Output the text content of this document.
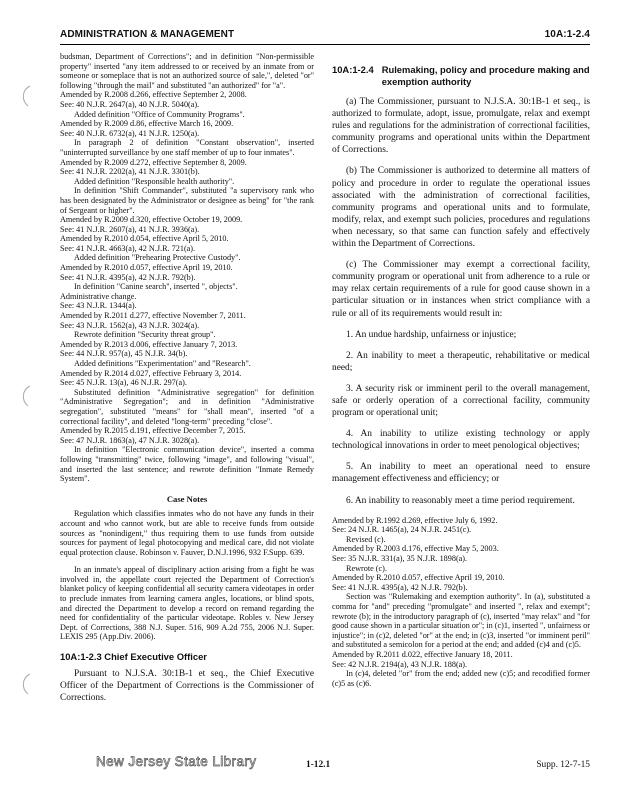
ADMINISTRATION & MANAGEMENT	10A:1-2.4

budsman, Department of Corrections"; and in definition "Non-permissible property" inserted "any item addressed to or received by an inmate from or someone or someplace that is not an authorized source of sale,", deleted "or" following "through the mail" and substituted "an authorized" for "a".

Amended by R.2008 d.266, effective September 2, 2008.

See: 40 N.J.R. 2647(a), 40 N.J.R. 5040(a).

Added definition "Office of Community Programs".

Amended by R.2009 d.86, effective March 16, 2009.

See: 40 N.J.R. 6732(a), 41 N.J.R. 1250(a).

In paragraph 2 of definition "Constant observation", inserted "uninterrupted surveillance by one staff member of up to four inmates".

Amended by R.2009 d.272, effective September 8, 2009.

See: 41 N.J.R. 2202(a), 41 N.J.R. 3301(b).

Added definition "Responsible health authority".

In definition "Shift Commander", substituted "a supervisory rank who has been designated by the Administrator or designee as being" for "the rank of Sergeant or higher".

Amended by R.2009 d.320, effective October 19, 2009.

See: 41 N.J.R. 2607(a), 41 N.J.R. 3936(a).

Amended by R.2010 d.054, effective April 5, 2010.

See: 41 N.J.R. 4663(a), 42 N.J.R. 721(a).

Added definition "Prehearing Protective Custody".

Amended by R.2010 d.057, effective April 19, 2010.

See: 41 N.J.R. 4395(a), 42 N.J.R. 792(b).

In definition "Canine search", inserted ", objects".

Administrative change.

See: 43 N.J.R. 1344(a).

Amended by R.2011 d.277, effective November 7, 2011.

See: 43 N.J.R. 1562(a), 43 N.J.R. 3024(a).

Rewrote definition "Security threat group".

Amended by R.2013 d.006, effective January 7, 2013.

See: 44 N.J.R. 957(a), 45 N.J.R. 34(b).

Added definitions "Experimentation" and "Research".

Amended by R.2014 d.027, effective February 3, 2014.

See: 45 N.J.R. 13(a), 46 N.J.R. 297(a).

Substituted definition "Administrative segregation" for definition "Administrative Segregation"; and in definition "Administrative segregation", substituted "means" for "shall mean", inserted "of a correctional facility", and deleted "long-term" preceding "close".

Amended by R.2015 d.191, effective December 7, 2015.

See: 47 N.J.R. 1863(a), 47 N.J.R. 3028(a).

In definition "Electronic communication device", inserted a comma following "transmitting" twice, following "image", and following "visual", and inserted the last sentence; and rewrote definition "Inmate Remedy System".

Case Notes

Regulation which classifies inmates who do not have any funds in their account and who cannot work, but are able to receive funds from outside sources as "nonindigent," thus requiring them to use funds from outside sources for payment of legal photocopying and medical care, did not violate equal protection clause. Robinson v. Fauver, D.N.J.1996, 932 F.Supp. 639.

In an inmate's appeal of disciplinary action arising from a fight he was involved in, the appellate court rejected the Department of Correction's blanket policy of keeping confidential all security camera videotapes in order to preclude inmates from learning camera angles, locations, or blind spots, and directed the Department to develop a record on remand regarding the need for confidentiality of the particular videotape. Robles v. New Jersey Dept. of Corrections, 388 N.J. Super. 516, 909 A.2d 755, 2006 N.J. Super. LEXIS 295 (App.Div. 2006).

10A:1-2.3 Chief Executive Officer

Pursuant to N.J.S.A. 30:1B-1 et seq., the Chief Executive Officer of the Department of Corrections is the Commissioner of Corrections.

10A:1-2.4 Rulemaking, policy and procedure making and exemption authority

(a) The Commissioner, pursuant to N.J.S.A. 30:1B-1 et seq., is authorized to formulate, adopt, issue, promulgate, relax and exempt rules and regulations for the administration of correctional facilities, community programs and operational units within the Department of Corrections.

(b) The Commissioner is authorized to determine all matters of policy and procedure in order to regulate the operational issues associated with the administration of correctional facilities, community programs and operational units and to formulate, modify, relax, and exempt such policies, procedures and regulations when necessary, so that same can function safely and effectively within the Department of Corrections.

(c) The Commissioner may exempt a correctional facility, community program or operational unit from adherence to a rule or may relax certain requirements of a rule for good cause shown in a particular situation or in instances when strict compliance with a rule or all of its requirements would result in:

1. An undue hardship, unfairness or injustice;

2. An inability to meet a therapeutic, rehabilitative or medical need;

3. A security risk or imminent peril to the overall management, safe or orderly operation of a correctional facility, community program or operational unit;

4. An inability to utilize existing technology or apply technological innovations in order to meet penological objectives;

5. An inability to meet an operational need to ensure management effectiveness and efficiency; or

6. An inability to reasonably meet a time period requirement.

Amended by R.1992 d.269, effective July 6, 1992.

See: 24 N.J.R. 1465(a), 24 N.J.R. 2451(c).

Revised (c).

Amended by R.2003 d.176, effective May 5, 2003.

See: 35 N.J.R. 331(a), 35 N.J.R. 1898(a).

Rewrote (c).

Amended by R.2010 d.057, effective April 19, 2010.

See: 41 N.J.R. 4395(a), 42 N.J.R. 792(b).

Section was "Rulemaking and exemption authority". In (a), substituted a comma for "and" preceding "promulgate" and inserted ", relax and exempt"; rewrote (b); in the introductory paragraph of (c), inserted "may relax" and "for good cause shown in a particular situation or"; in (c)1, inserted ", unfairness or injustice"; in (c)2, deleted "or" at the end; in (c)3, inserted "or imminent peril" and substituted a semicolon for a period at the end; and added (c)4 and (c)5.

Amended by R.2011 d.022, effective January 18, 2011.

See: 42 N.J.R. 2194(a), 43 N.J.R. 188(a).

In (c)4, deleted "or" from the end; added new (c)5; and recodified former (c)5 as (c)6.

New Jersey State Library	1-12.1	Supp. 12-7-15
